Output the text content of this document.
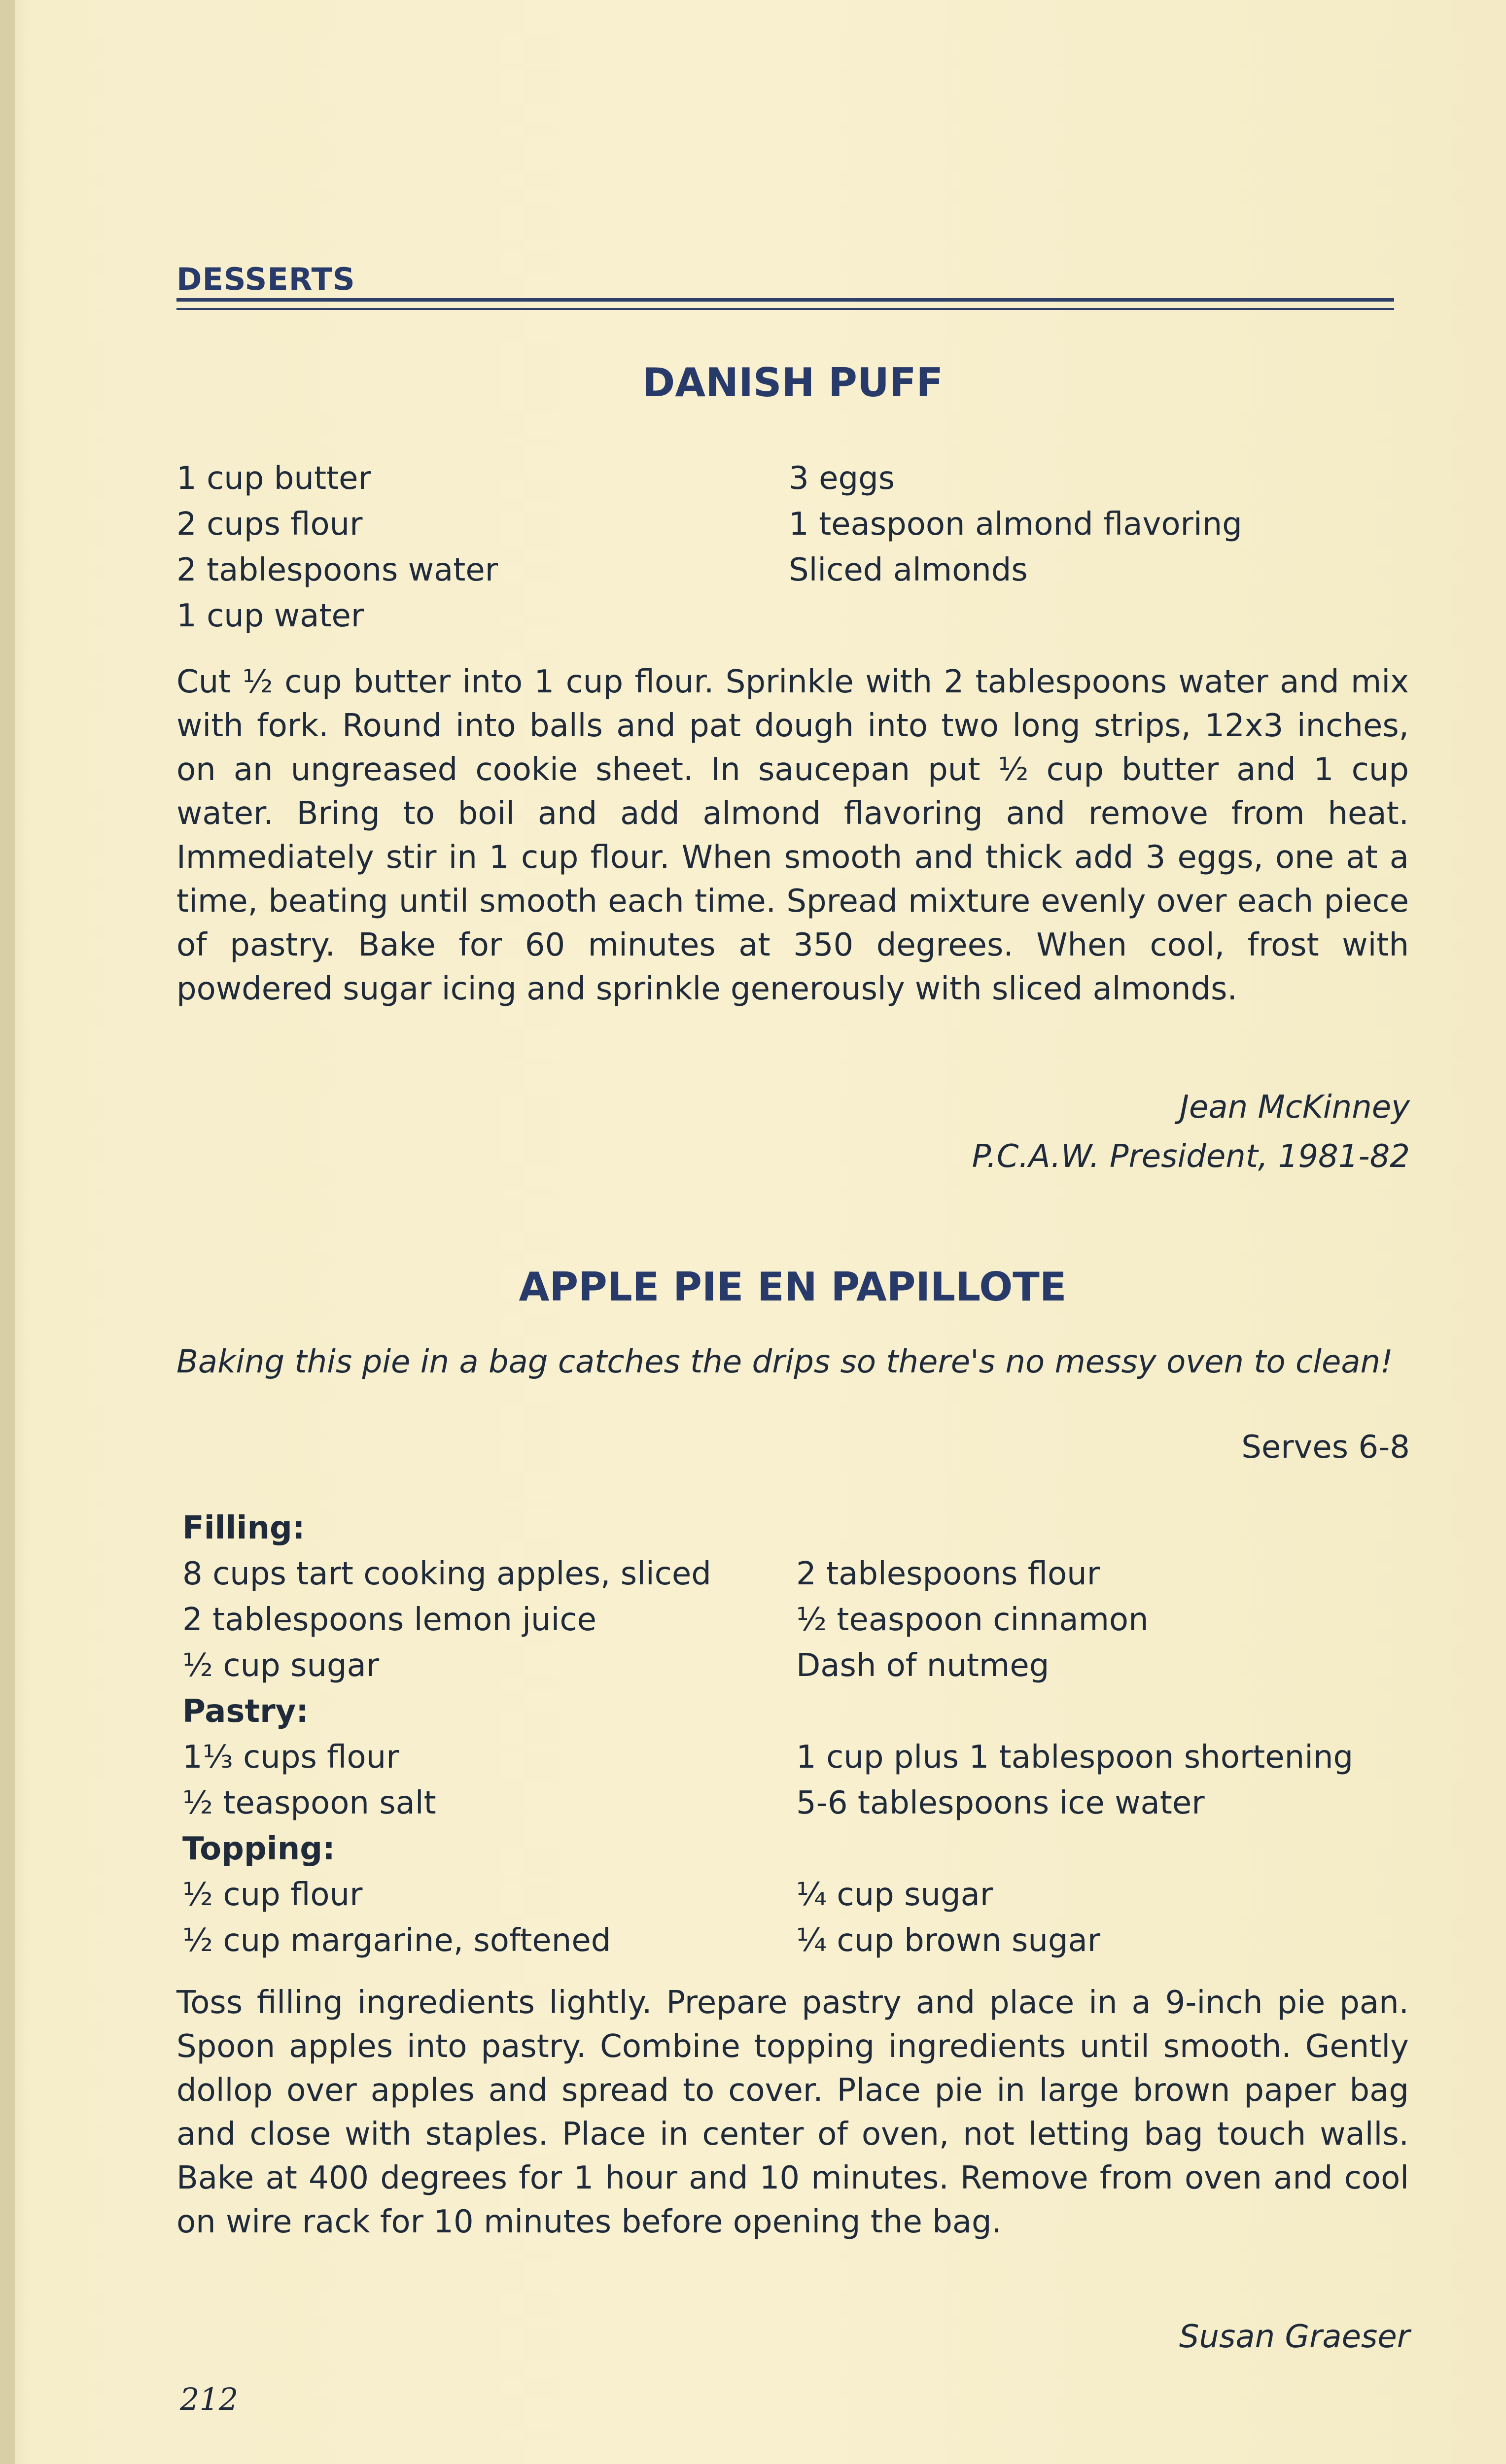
DESSERTS
DANISH PUFF
1 cup butter
2 cups flour
2 tablespoons water
1 cup water
3 eggs
1 teaspoon almond flavoring
Sliced almonds
Cut ½ cup butter into 1 cup flour. Sprinkle with 2 tablespoons water and mix with fork. Round into balls and pat dough into two long strips, 12x3 inches, on an ungreased cookie sheet. In saucepan put ½ cup butter and 1 cup water. Bring to boil and add almond flavoring and remove from heat. Immediately stir in 1 cup flour. When smooth and thick add 3 eggs, one at a time, beating until smooth each time. Spread mixture evenly over each piece of pastry. Bake for 60 minutes at 350 degrees. When cool, frost with powdered sugar icing and sprinkle generously with sliced almonds.
Jean McKinney
P.C.A.W. President, 1981-82
APPLE PIE EN PAPILLOTE
Baking this pie in a bag catches the drips so there's no messy oven to clean!
Serves 6-8
Filling:
8 cups tart cooking apples, sliced
2 tablespoons lemon juice
½ cup sugar
Pastry:
1⅓ cups flour
½ teaspoon salt
Topping:
½ cup flour
½ cup margarine, softened
2 tablespoons flour
½ teaspoon cinnamon
Dash of nutmeg
1 cup plus 1 tablespoon shortening
5-6 tablespoons ice water
¼ cup sugar
¼ cup brown sugar
Toss filling ingredients lightly. Prepare pastry and place in a 9-inch pie pan. Spoon apples into pastry. Combine topping ingredients until smooth. Gently dollop over apples and spread to cover. Place pie in large brown paper bag and close with staples. Place in center of oven, not letting bag touch walls. Bake at 400 degrees for 1 hour and 10 minutes. Remove from oven and cool on wire rack for 10 minutes before opening the bag.
Susan Graeser
212
